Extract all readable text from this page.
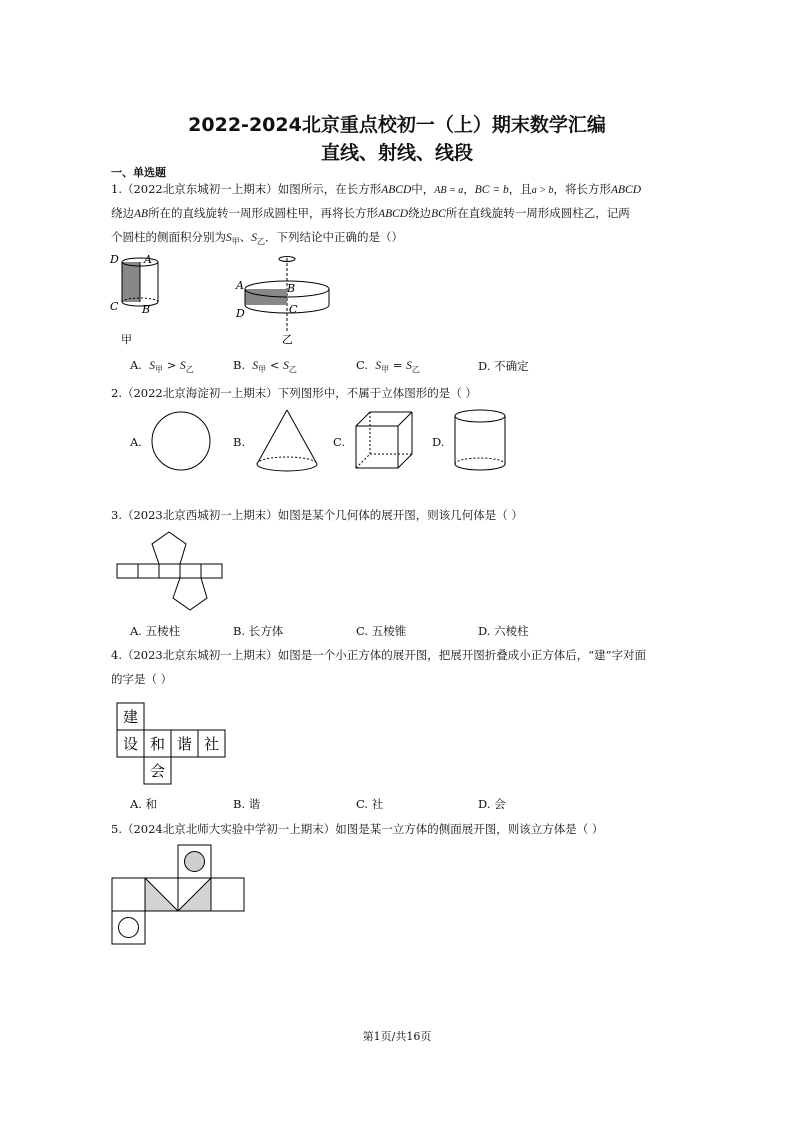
2022-2024北京重点校初一（上）期末数学汇编
直线、射线、线段
一、单选题
1.（2022北京东城初一上期末）如图所示，在长方形ABCD中，AB = a，BC = b，且a > b，将长方形ABCD
绕边AB所在的直线旋转一周形成圆柱甲，再将长方形ABCD绕边BC所在直线旋转一周形成圆柱乙，记两
个圆柱的侧面积分别为$S_甲$、$S_乙$．下列结论中正确的是（）
D A
C B
甲
A	B
C
D
乙
A. $S_甲 > S_乙$	B. $S_甲 < S_乙$	C. $S_甲 = S_乙$	D. 不确定
2.（2022北京海淀初一上期末）下列图形中，不属于立体图形的是（ ）
A.	B.	C.	D.
3.（2023北京西城初一上期末）如图是某个几何体的展开图，则该几何体是（ ）
A. 五棱柱	B. 长方体	C. 五棱锥	D. 六棱柱
4.（2023北京东城初一上期末）如图是一个小正方体的展开图，把展开图折叠成小正方体后，“建”字对面
的字是（ ）
建
设 和 谐 社
会
A. 和	B. 谐	C. 社	D. 会
5.（2024北京北师大实验中学初一上期末）如图是某一立方体的侧面展开图，则该立方体是（ ）
第1页/共16页
